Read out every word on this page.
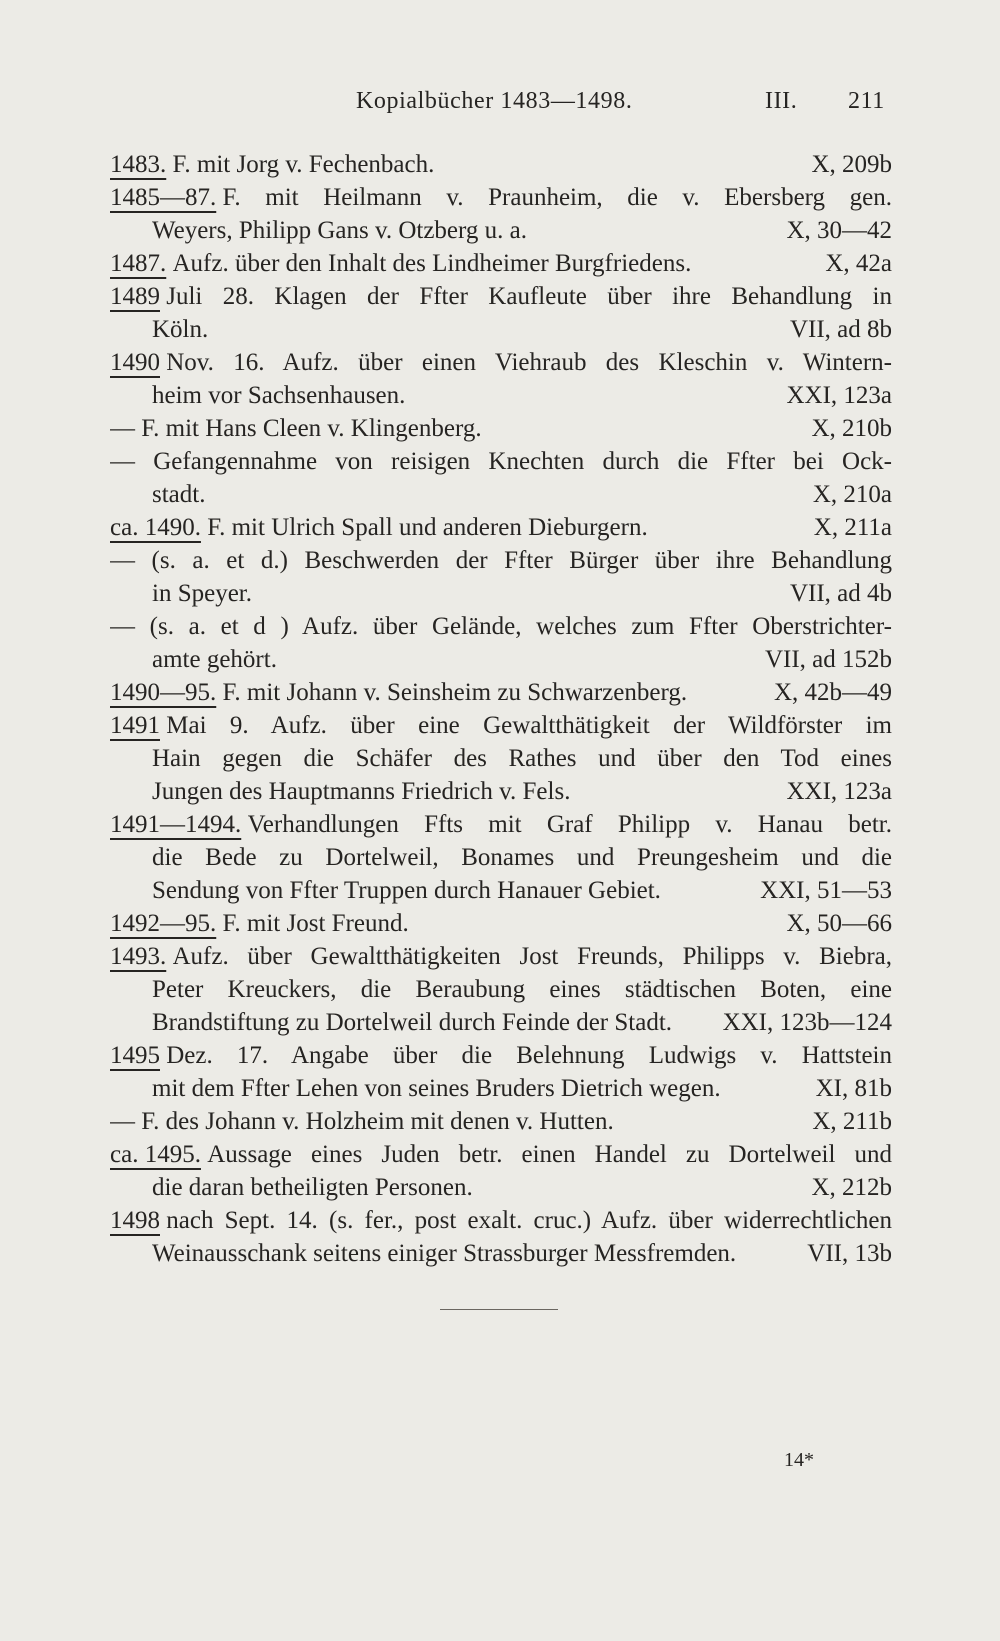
Kopialbücher 1483—1498.	III. 211
1483.
F. mit Jorg v. Fechenbach.	X, 209b
1485—87.
F. mit Heilmann v. Praunheim, die v. Ebersberg gen.
Weyers, Philipp Gans v. Otzberg u. a.	X, 30—42
1487.
Aufz. über den Inhalt des Lindheimer Burgfriedens.	X, 42a
1489
Juli 28. Klagen der Ffter Kaufleute über ihre Behandlung in
Köln.	VII, ad 8b
1490
Nov. 16. Aufz. über einen Viehraub des Kleschin v. Wintern-
heim vor Sachsenhausen.	XXI, 123a
— F. mit Hans Cleen v. Klingenberg.	X, 210b
— Gefangennahme von reisigen Knechten durch die Ffter bei Ock-
stadt.	X, 210a
ca. 1490.
F. mit Ulrich Spall und anderen Dieburgern.	X, 211a
— (s. a. et d.) Beschwerden der Ffter Bürger über ihre Behandlung
in Speyer.	VII, ad 4b
— (s. a. et d ) Aufz. über Gelände, welches zum Ffter Oberstrichter-
amte gehört.	VII, ad 152b
1490—95.
F. mit Johann v. Seinsheim zu Schwarzenberg.	X, 42b—49
1491
Mai 9. Aufz. über eine Gewaltthätigkeit der Wildförster im
Hain gegen die Schäfer des Rathes und über den Tod eines
Jungen des Hauptmanns Friedrich v. Fels.	XXI, 123a
1491—1494.
Verhandlungen Ffts mit Graf Philipp v. Hanau betr.
die Bede zu Dortelweil, Bonames und Preungesheim und die
Sendung von Ffter Truppen durch Hanauer Gebiet.	XXI, 51—53
1492—95.
F. mit Jost Freund.	X, 50—66
1493.
Aufz. über Gewaltthätigkeiten Jost Freunds, Philipps v. Biebra,
Peter Kreuckers, die Beraubung eines städtischen Boten, eine
Brandstiftung zu Dortelweil durch Feinde der Stadt.	XXI, 123b—124
1495
Dez. 17. Angabe über die Belehnung Ludwigs v. Hattstein
mit dem Ffter Lehen von seines Bruders Dietrich wegen.	XI, 81b
— F. des Johann v. Holzheim mit denen v. Hutten.	X, 211b
ca. 1495.
Aussage eines Juden betr. einen Handel zu Dortelweil und
die daran betheiligten Personen.	X, 212b
1498
nach Sept. 14. (s. fer., post exalt. cruc.) Aufz. über widerrechtlichen
Weinausschank seitens einiger Strassburger Messfremden.	VII, 13b
14*
